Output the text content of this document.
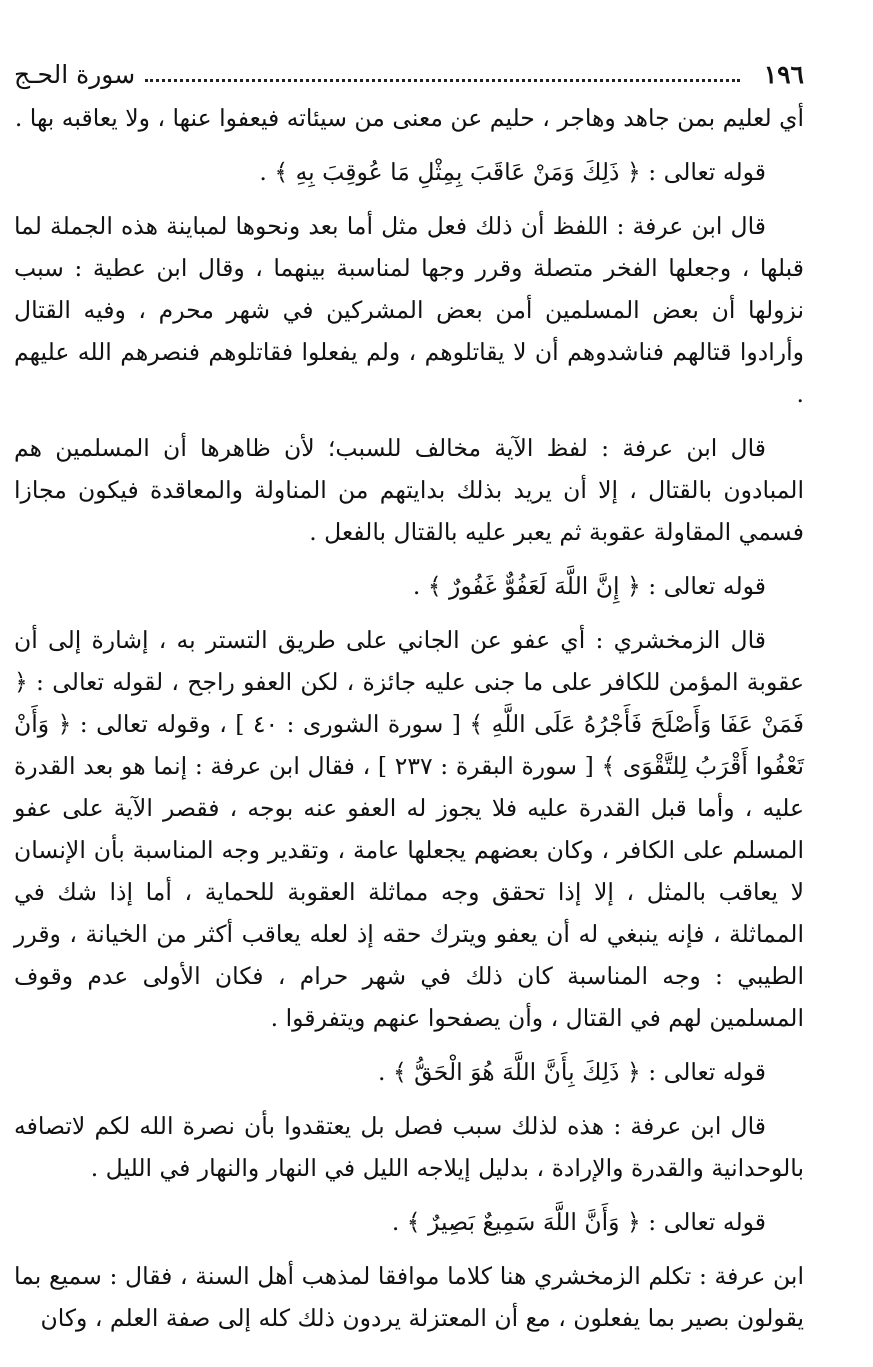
١٩٦
سورة الحـج

أي لعليم بمن جاهد وهاجر ، حليم عن معنى من سيئاته فيعفوا عنها ، ولا يعاقبه بها .

قوله تعالى : ﴿ ذَلِكَ وَمَنْ عَاقَبَ بِمِثْلِ مَا عُوقِبَ بِهِ ﴾ .

قال ابن عرفة : اللفظ أن ذلك فعل مثل أما بعد ونحوها لمباينة هذه الجملة لما قبلها ، وجعلها الفخر متصلة وقرر وجها لمناسبة بينهما ، وقال ابن عطية : سبب نزولها أن بعض المسلمين أمن بعض المشركين في شهر محرم ، وفيه القتال وأرادوا قتالهم فناشدوهم أن لا يقاتلوهم ، ولم يفعلوا فقاتلوهم فنصرهم الله عليهم .

قال ابن عرفة : لفظ الآية مخالف للسبب؛ لأن ظاهرها أن المسلمين هم المبادون بالقتال ، إلا أن يريد بذلك بدايتهم من المناولة والمعاقدة فيكون مجازا فسمي المقاولة عقوبة ثم يعبر عليه بالقتال بالفعل .

قوله تعالى : ﴿ إِنَّ اللَّهَ لَعَفُوٌّ غَفُورٌ ﴾ .

قال الزمخشري : أي عفو عن الجاني على طريق التستر به ، إشارة إلى أن عقوبة المؤمن للكافر على ما جنى عليه جائزة ، لكن العفو راجح ، لقوله تعالى : ﴿ فَمَنْ عَفَا وَأَصْلَحَ فَأَجْرُهُ عَلَى اللَّهِ ﴾ [ سورة الشورى : ٤٠ ] ، وقوله تعالى : ﴿ وَأَنْ تَعْفُوا أَقْرَبُ لِلتَّقْوَى ﴾ [ سورة البقرة : ٢٣٧ ] ، فقال ابن عرفة : إنما هو بعد القدرة عليه ، وأما قبل القدرة عليه فلا يجوز له العفو عنه بوجه ، فقصر الآية على عفو المسلم على الكافر ، وكان بعضهم يجعلها عامة ، وتقدير وجه المناسبة بأن الإنسان لا يعاقب بالمثل ، إلا إذا تحقق وجه مماثلة العقوبة للحماية ، أما إذا شك في المماثلة ، فإنه ينبغي له أن يعفو ويترك حقه إذ لعله يعاقب أكثر من الخيانة ، وقرر الطيبي : وجه المناسبة كان ذلك في شهر حرام ، فكان الأولى عدم وقوف المسلمين لهم في القتال ، وأن يصفحوا عنهم ويتفرقوا .

قوله تعالى : ﴿ ذَلِكَ بِأَنَّ اللَّهَ هُوَ الْحَقُّ ﴾ .

قال ابن عرفة : هذه لذلك سبب فصل بل يعتقدوا بأن نصرة الله لكم لاتصافه بالوحدانية والقدرة والإرادة ، بدليل إيلاجه الليل في النهار والنهار في الليل .

قوله تعالى : ﴿ وَأَنَّ اللَّهَ سَمِيعٌ بَصِيرٌ ﴾ .

ابن عرفة : تكلم الزمخشري هنا كلاما موافقا لمذهب أهل السنة ، فقال : سميع بما يقولون بصير بما يفعلون ، مع أن المعتزلة يردون ذلك كله إلى صفة العلم ، وكان
